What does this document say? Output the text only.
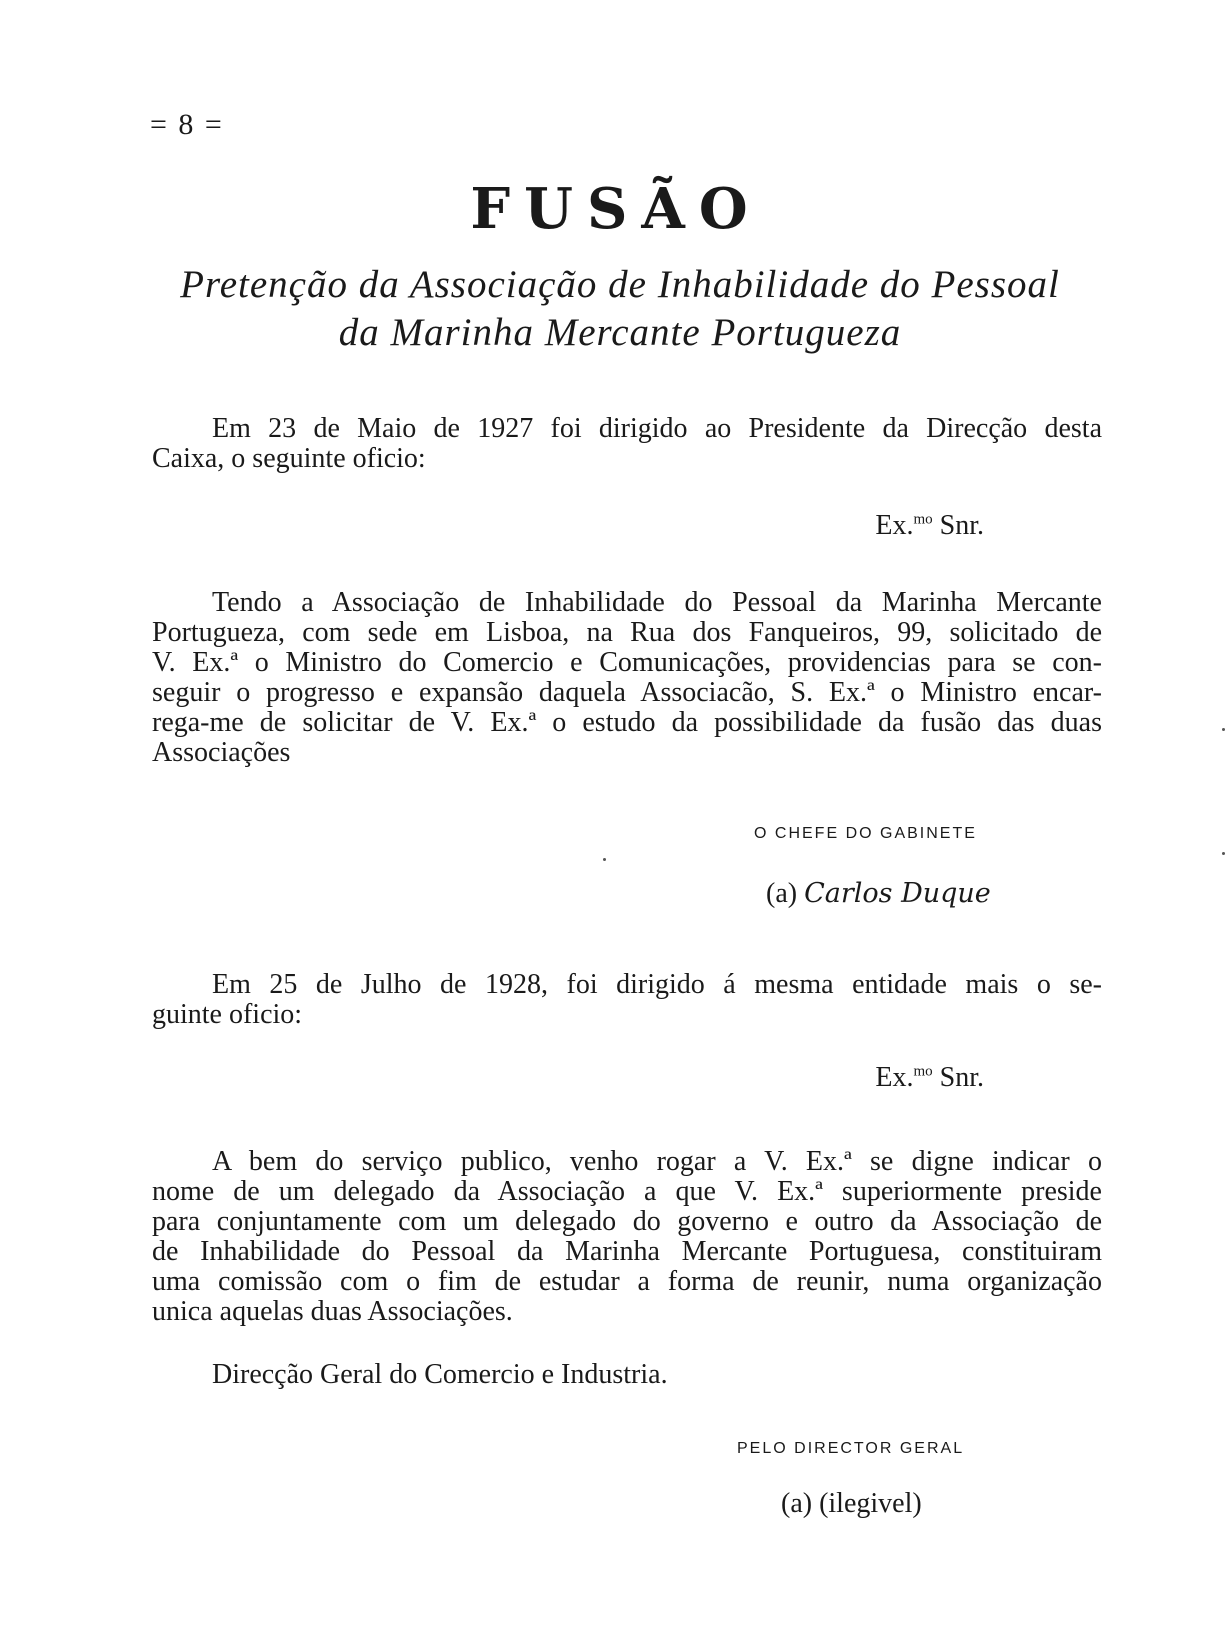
= 8 =
FUSÃO
Pretenção da Associação de Inhabilidade do Pessoal
da Marinha Mercante Portugueza
Em 23 de Maio de 1927 foi dirigido ao Presidente da Direcção desta
Caixa, o seguinte oficio:
Ex.$^{mo}$ Snr.
Tendo a Associação de Inhabilidade do Pessoal da Marinha Mercante
Portugueza, com sede em Lisboa, na Rua dos Fanqueiros, 99, solicitado de
V. Ex.ª o Ministro do Comercio e Comunicações, providencias para se con-
seguir o progresso e expansão daquela Associacão, S. Ex.ª o Ministro encar-
rega-me de solicitar de V. Ex.ª o estudo da possibilidade da fusão das duas
Associações
O CHEFE DO GABINETE
(a) Carlos Duque
Em 25 de Julho de 1928, foi dirigido á mesma entidade mais o se-
guinte oficio:
Ex.$^{mo}$ Snr.
A bem do serviço publico, venho rogar a V. Ex.ª se digne indicar o
nome de um delegado da Associação a que V. Ex.ª superiormente preside
para conjuntamente com um delegado do governo e outro da Associação de
de Inhabilidade do Pessoal da Marinha Mercante Portuguesa, constituiram
uma comissão com o fim de estudar a forma de reunir, numa organização
unica aquelas duas Associações.
Direcção Geral do Comercio e Industria.
PELO DIRECTOR GERAL
(a) (ilegivel)
